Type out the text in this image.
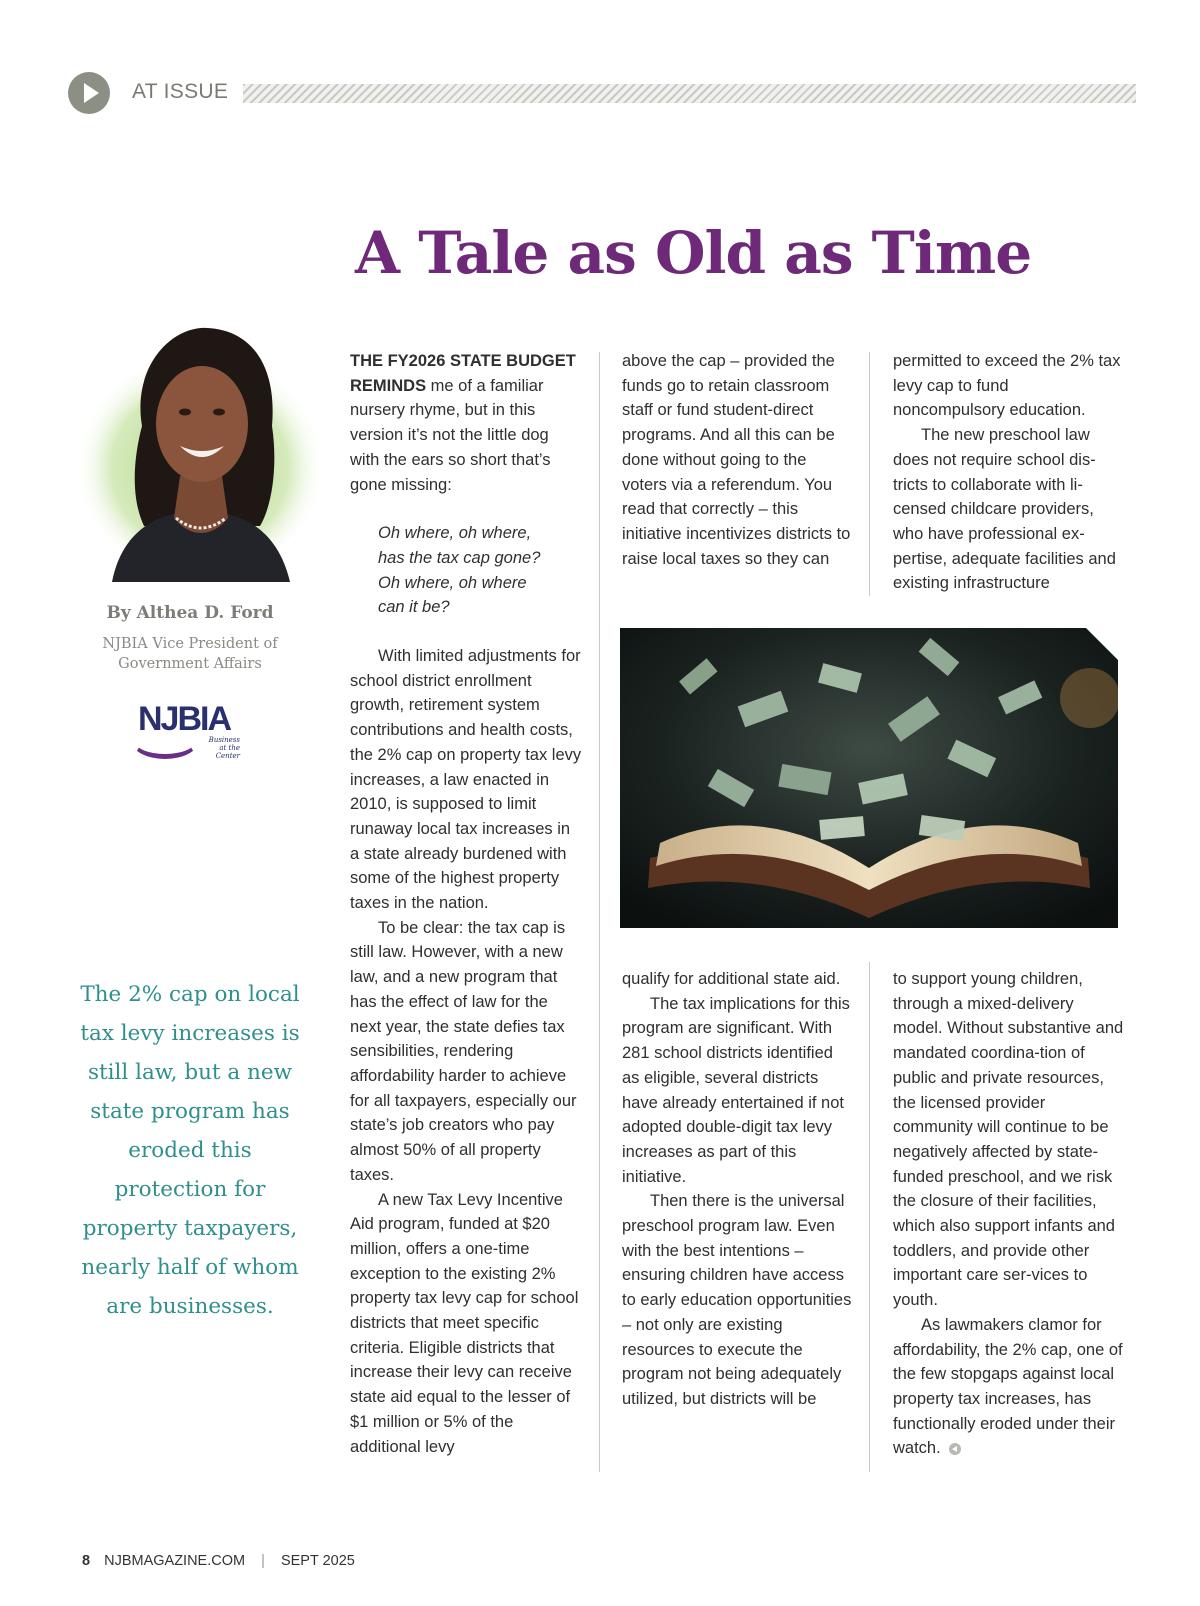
AT ISSUE
A Tale as Old as Time
By Althea D. Ford
NJBIA Vice President of Government Affairs
NJBIA
Business
at the Center
The 2% cap on local tax levy increases is still law, but a new state program has eroded this protection for property taxpayers, nearly half of whom are businesses.

THE FY2026 STATE BUDGET REMINDS me of a familiar nursery rhyme, but in this version it’s not the little dog with the ears so short that’s gone missing:

Oh where, oh where,
has the tax cap gone?
Oh where, oh where
can it be?

With limited adjustments for school district enrollment growth, retirement system contributions and health costs, the 2% cap on property tax levy increases, a law enacted in 2010, is supposed to limit runaway local tax increases in a state already burdened with some of the highest property taxes in the nation.

To be clear: the tax cap is still law. However, with a new law, and a new program that has the effect of law for the next year, the state defies tax sensibilities, rendering affordability harder to achieve for all taxpayers, especially our state’s job creators who pay almost 50% of all property taxes.

A new Tax Levy Incentive Aid program, funded at $20 million, offers a one-time exception to the existing 2% property tax levy cap for school districts that meet specific criteria. Eligible districts that increase their levy can receive state aid equal to the lesser of $1 million or 5% of the additional levy

above the cap – provided the funds go to retain classroom staff or fund student-direct programs. And all this can be done without going to the voters via a referendum. You read that correctly – this initiative incentivizes districts to raise local taxes so they can

permitted to exceed the 2% tax levy cap to fund noncompulsory education.

The new preschool law does not require school dis-tricts to collaborate with li-censed childcare providers, who have professional ex-pertise, adequate facilities and existing infrastructure

qualify for additional state aid.

The tax implications for this program are significant. With 281 school districts identified as eligible, several districts have already entertained if not adopted double-digit tax levy increases as part of this initiative.

Then there is the universal preschool program law. Even with the best intentions – ensuring children have access to early education opportunities – not only are existing resources to execute the program not being adequately utilized, but districts will be

to support young children, through a mixed-delivery model. Without substantive and mandated coordina-tion of public and private resources, the licensed provider community will continue to be negatively affected by state-funded preschool, and we risk the closure of their facilities, which also support infants and toddlers, and provide other important care ser-vices to youth.

As lawmakers clamor for affordability, the 2% cap, one of the few stopgaps against local property tax increases, has functionally eroded under their watch.

8 NJBMAGAZINE.COM | SEPT 2025
